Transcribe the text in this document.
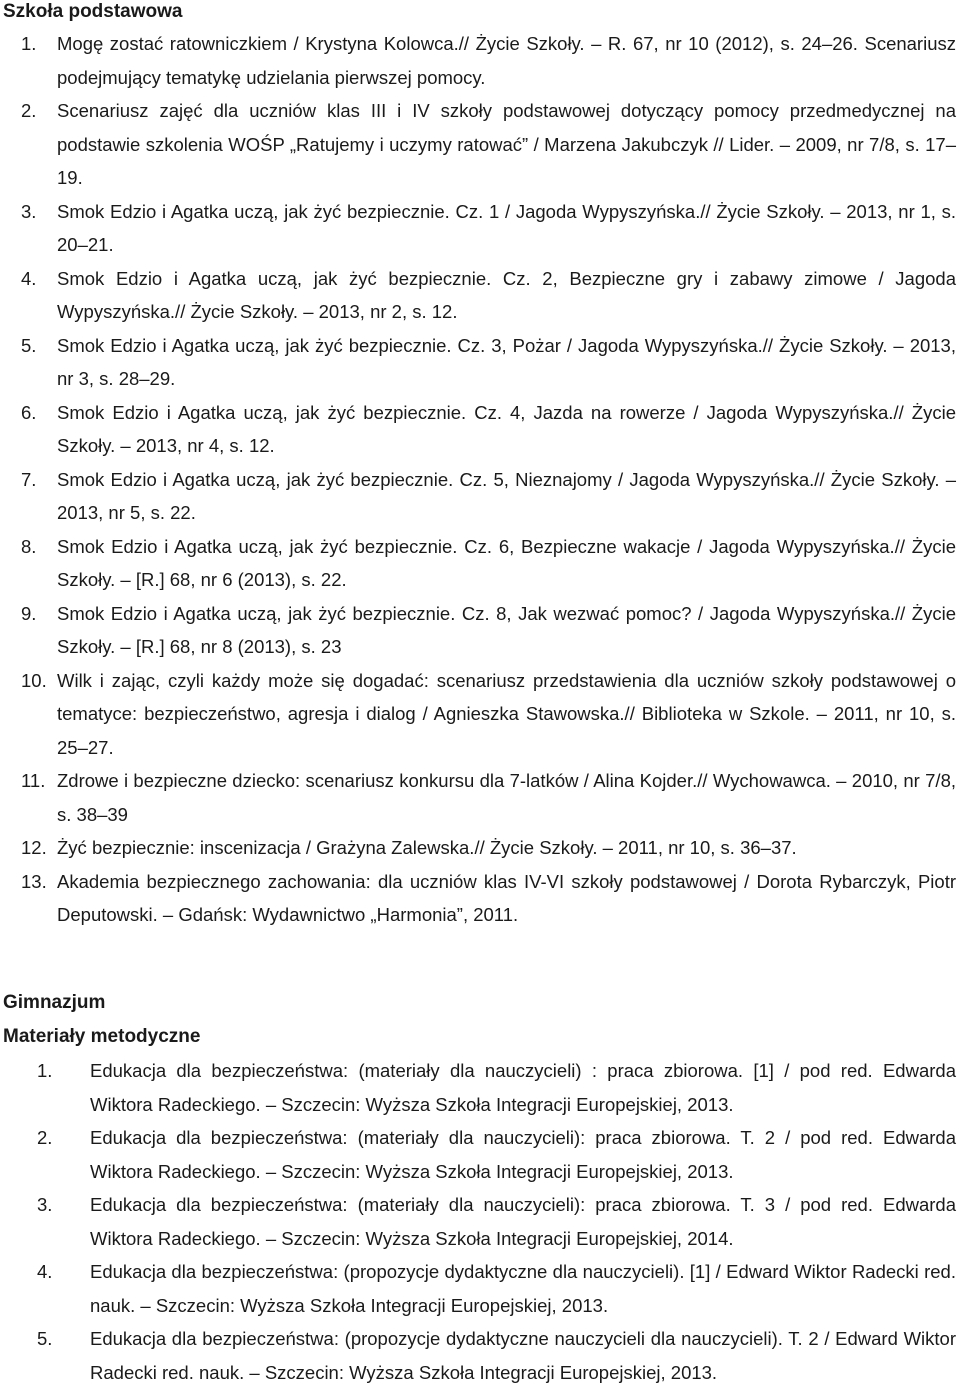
Szkoła podstawowa
1. Mogę zostać ratowniczkiem / Krystyna Kolowca.// Życie Szkoły. – R. 67, nr 10 (2012), s. 24–26. Scenariusz podejmujący tematykę udzielania pierwszej pomocy.
2. Scenariusz zajęć dla uczniów klas III i IV szkoły podstawowej dotyczący pomocy przedmedycznej na podstawie szkolenia WOŚP „Ratujemy i uczymy ratować” / Marzena Jakubczyk // Lider. – 2009, nr 7/8, s. 17–19.
3. Smok Edzio i Agatka uczą, jak żyć bezpiecznie. Cz. 1 / Jagoda Wypyszyńska.// Życie Szkoły. – 2013, nr 1, s. 20–21.
4. Smok Edzio i Agatka uczą, jak żyć bezpiecznie. Cz. 2, Bezpieczne gry i zabawy zimowe / Jagoda Wypyszyńska.// Życie Szkoły. – 2013, nr 2, s. 12.
5. Smok Edzio i Agatka uczą, jak żyć bezpiecznie. Cz. 3, Pożar / Jagoda Wypyszyńska.// Życie Szkoły. – 2013, nr 3, s. 28–29.
6. Smok Edzio i Agatka uczą, jak żyć bezpiecznie. Cz. 4, Jazda na rowerze / Jagoda Wypyszyńska.// Życie Szkoły. – 2013, nr 4, s. 12.
7. Smok Edzio i Agatka uczą, jak żyć bezpiecznie. Cz. 5, Nieznajomy / Jagoda Wypyszyńska.// Życie Szkoły. – 2013, nr 5, s. 22.
8. Smok Edzio i Agatka uczą, jak żyć bezpiecznie. Cz. 6, Bezpieczne wakacje / Jagoda Wypyszyńska.// Życie Szkoły. – [R.] 68, nr 6 (2013), s. 22.
9. Smok Edzio i Agatka uczą, jak żyć bezpiecznie. Cz. 8, Jak wezwać pomoc? / Jagoda Wypyszyńska.// Życie Szkoły. – [R.] 68, nr 8 (2013), s. 23
10. Wilk i zając, czyli każdy może się dogadać: scenariusz przedstawienia dla uczniów szkoły podstawowej o tematyce: bezpieczeństwo, agresja i dialog / Agnieszka Stawowska.// Biblioteka w Szkole. – 2011, nr 10, s. 25–27.
11. Zdrowe i bezpieczne dziecko: scenariusz konkursu dla 7-latków / Alina Kojder.// Wychowawca. – 2010, nr 7/8, s. 38–39
12. Żyć bezpiecznie: inscenizacja / Grażyna Zalewska.// Życie Szkoły. – 2011, nr 10, s. 36–37.
13. Akademia bezpiecznego zachowania: dla uczniów klas IV-VI szkoły podstawowej / Dorota Rybarczyk, Piotr Deputowski. – Gdańsk: Wydawnictwo „Harmonia”, 2011.
Gimnazjum
Materiały metodyczne
1. Edukacja dla bezpieczeństwa: (materiały dla nauczycieli) : praca zbiorowa. [1] / pod red. Edwarda Wiktora Radeckiego. – Szczecin: Wyższa Szkoła Integracji Europejskiej, 2013.
2. Edukacja dla bezpieczeństwa: (materiały dla nauczycieli): praca zbiorowa. T. 2 / pod red. Edwarda Wiktora Radeckiego. – Szczecin: Wyższa Szkoła Integracji Europejskiej, 2013.
3. Edukacja dla bezpieczeństwa: (materiały dla nauczycieli): praca zbiorowa. T. 3 / pod red. Edwarda Wiktora Radeckiego. – Szczecin: Wyższa Szkoła Integracji Europejskiej, 2014.
4. Edukacja dla bezpieczeństwa: (propozycje dydaktyczne dla nauczycieli). [1] / Edward Wiktor Radecki red. nauk. – Szczecin: Wyższa Szkoła Integracji Europejskiej, 2013.
5. Edukacja dla bezpieczeństwa: (propozycje dydaktyczne nauczycieli dla nauczycieli). T. 2 / Edward Wiktor Radecki red. nauk. – Szczecin: Wyższa Szkoła Integracji Europejskiej, 2013.
